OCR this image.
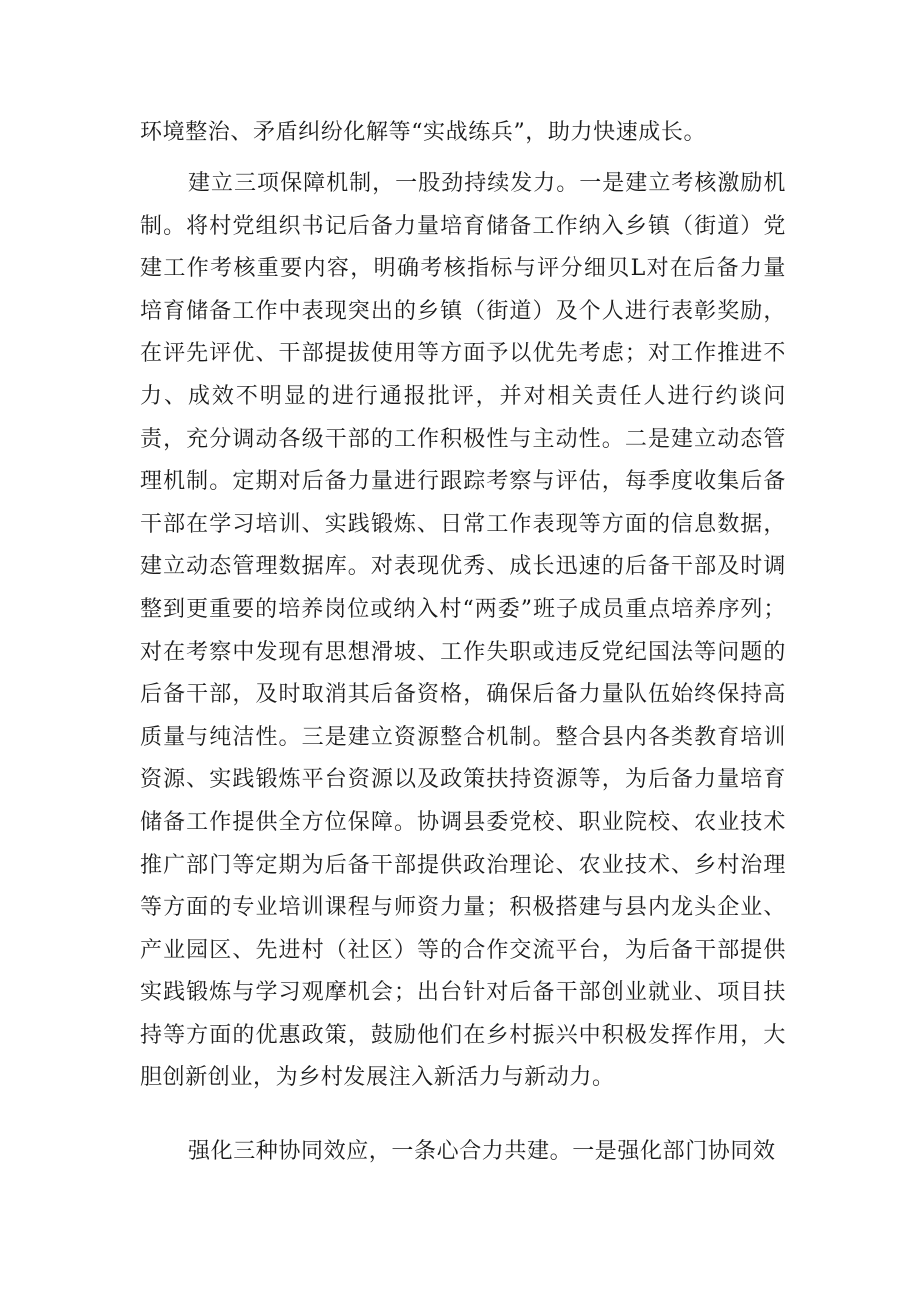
环境整治、矛盾纠纷化解等“实战练兵”，助力快速成长。

建立三项保障机制，一股劲持续发力。一是建立考核激励机制。将村党组织书记后备力量培育储备工作纳入乡镇（街道）党建工作考核重要内容，明确考核指标与评分细贝L对在后备力量培育储备工作中表现突出的乡镇（街道）及个人进行表彰奖励，在评先评优、干部提拔使用等方面予以优先考虑；对工作推进不力、成效不明显的进行通报批评，并对相关责任人进行约谈问责，充分调动各级干部的工作积极性与主动性。二是建立动态管理机制。定期对后备力量进行跟踪考察与评估，每季度收集后备干部在学习培训、实践锻炼、日常工作表现等方面的信息数据，建立动态管理数据库。对表现优秀、成长迅速的后备干部及时调整到更重要的培养岗位或纳入村“两委”班子成员重点培养序列；对在考察中发现有思想滑坡、工作失职或违反党纪国法等问题的后备干部，及时取消其后备资格，确保后备力量队伍始终保持高质量与纯洁性。三是建立资源整合机制。整合县内各类教育培训资源、实践锻炼平台资源以及政策扶持资源等，为后备力量培育储备工作提供全方位保障。协调县委党校、职业院校、农业技术推广部门等定期为后备干部提供政治理论、农业技术、乡村治理等方面的专业培训课程与师资力量；积极搭建与县内龙头企业、产业园区、先进村（社区）等的合作交流平台，为后备干部提供实践锻炼与学习观摩机会；出台针对后备干部创业就业、项目扶持等方面的优惠政策，鼓励他们在乡村振兴中积极发挥作用，大胆创新创业，为乡村发展注入新活力与新动力。

强化三种协同效应，一条心合力共建。一是强化部门协同效
